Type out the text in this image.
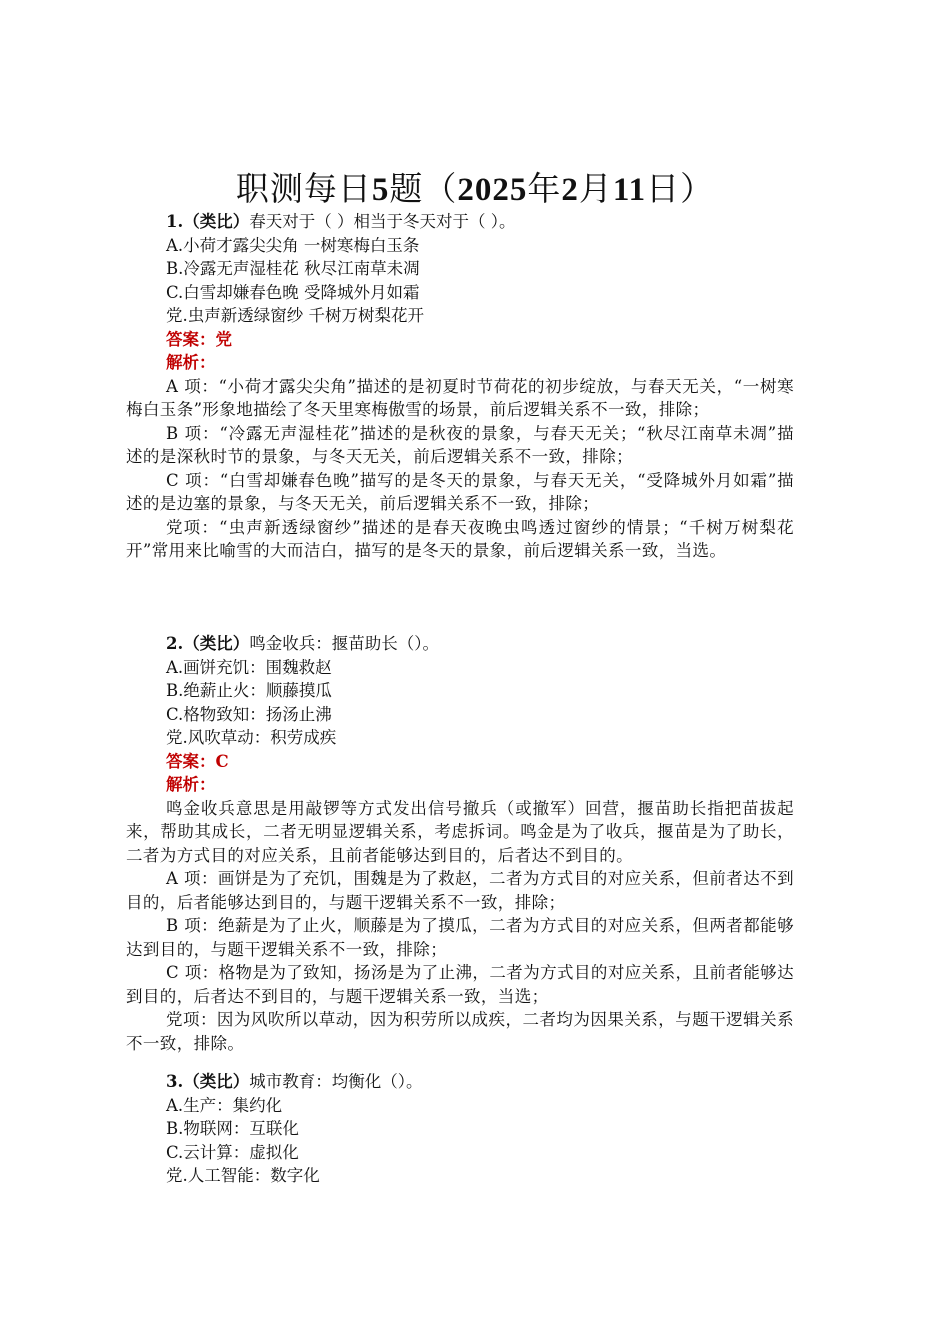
职测每日5题（2025年2月11日）

1.（类比）春天对于（ ）相当于冬天对于（ ）。

A.小荷才露尖尖角 一树寒梅白玉条

B.冷露无声湿桂花 秋尽江南草未凋

C.白雪却嫌春色晚 受降城外月如霜

党.虫声新透绿窗纱 千树万树梨花开

答案：党

解析：

A 项：“小荷才露尖尖角”描述的是初夏时节荷花的初步绽放，与春天无关，“一树寒梅白玉条”形象地描绘了冬天里寒梅傲雪的场景，前后逻辑关系不一致，排除；

B 项：“冷露无声湿桂花”描述的是秋夜的景象，与春天无关；“秋尽江南草未凋”描述的是深秋时节的景象，与冬天无关，前后逻辑关系不一致，排除；

C 项：“白雪却嫌春色晚”描写的是冬天的景象，与春天无关，“受降城外月如霜”描述的是边塞的景象，与冬天无关，前后逻辑关系不一致，排除；

党项：“虫声新透绿窗纱”描述的是春天夜晚虫鸣透过窗纱的情景；“千树万树梨花开”常用来比喻雪的大而洁白，描写的是冬天的景象，前后逻辑关系一致，当选。

2.（类比）鸣金收兵：揠苗助长（）。

A.画饼充饥：围魏救赵

B.绝薪止火：顺藤摸瓜

C.格物致知：扬汤止沸

党.风吹草动：积劳成疾

答案：C

解析：

鸣金收兵意思是用敲锣等方式发出信号撤兵（或撤军）回营，揠苗助长指把苗拔起来，帮助其成长，二者无明显逻辑关系，考虑拆词。鸣金是为了收兵，揠苗是为了助长，二者为方式目的对应关系，且前者能够达到目的，后者达不到目的。

A 项：画饼是为了充饥，围魏是为了救赵，二者为方式目的对应关系，但前者达不到目的，后者能够达到目的，与题干逻辑关系不一致，排除；

B 项：绝薪是为了止火，顺藤是为了摸瓜，二者为方式目的对应关系，但两者都能够达到目的，与题干逻辑关系不一致，排除；

C 项：格物是为了致知，扬汤是为了止沸，二者为方式目的对应关系，且前者能够达到目的，后者达不到目的，与题干逻辑关系一致，当选；

党项：因为风吹所以草动，因为积劳所以成疾，二者均为因果关系，与题干逻辑关系不一致，排除。

3.（类比）城市教育：均衡化（）。

A.生产：集约化

B.物联网：互联化

C.云计算：虚拟化

党.人工智能：数字化
